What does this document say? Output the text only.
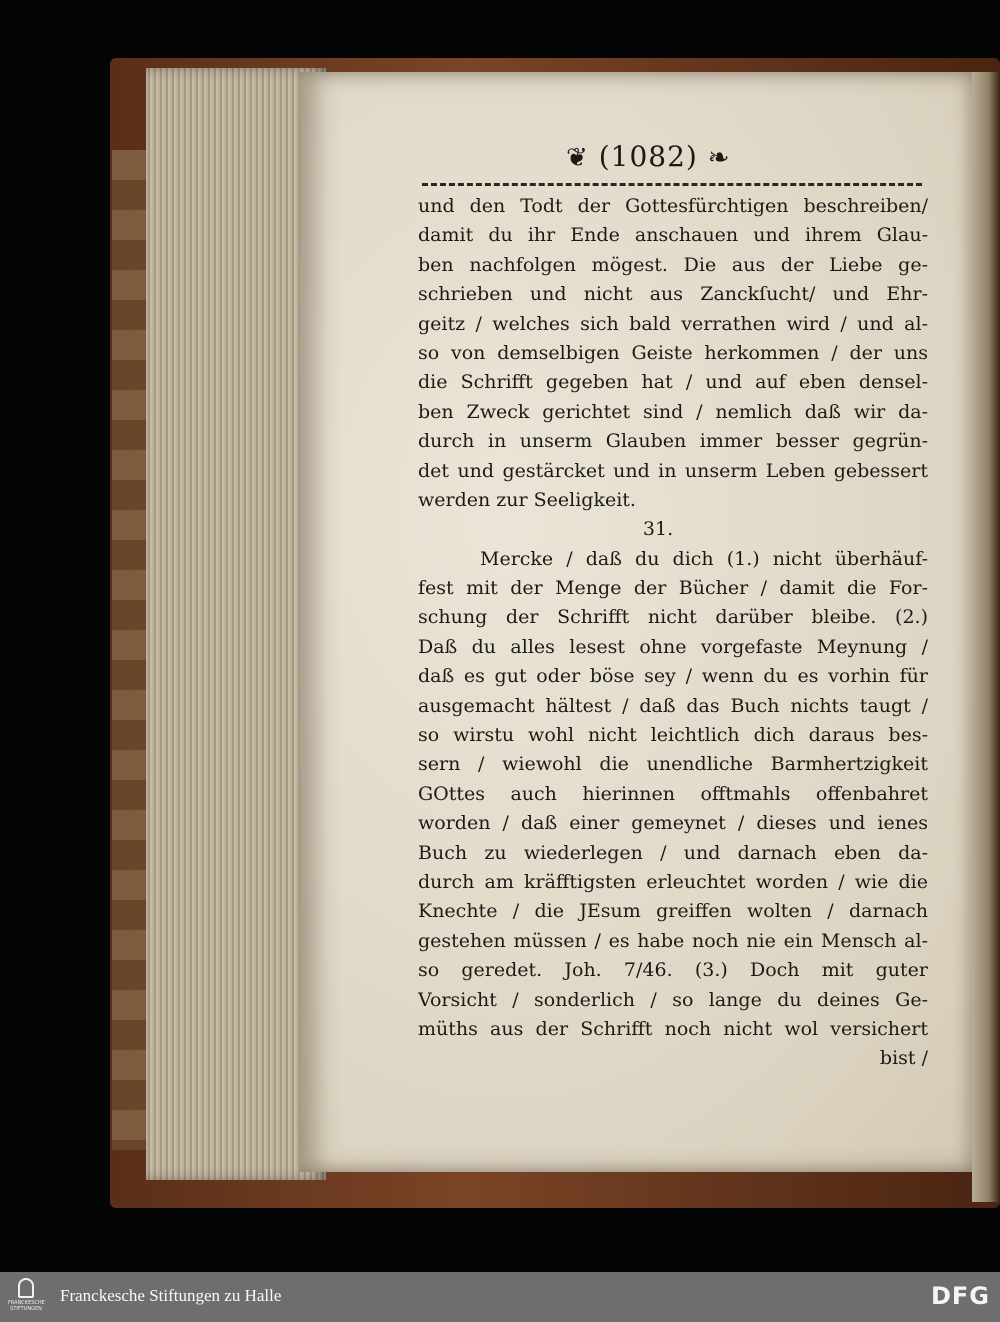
❦ (1082) ❧
und den Todt der Gottesfürchtigen beschreiben/
damit du ihr Ende anschauen und ihrem Glau-
ben nachfolgen mögest. Die aus der Liebe ge-
schrieben und nicht aus Zanckſucht/ und Ehr-
geitz / welches sich bald verrathen wird / und al-
so von demselbigen Geiste herkommen / der uns
die Schrifft gegeben hat / und auf eben densel-
ben Zweck gerichtet sind / nemlich daß wir da-
durch in unserm Glauben immer besser gegrün-
det und gestärcket und in unserm Leben gebessert
werden zur Seeligkeit.
31.
Mercke / daß du dich (1.) nicht überhäuf-
fest mit der Menge der Bücher / damit die For-
schung der Schrifft nicht darüber bleibe. (2.)
Daß du alles lesest ohne vorgefaste Meynung /
daß es gut oder böse sey / wenn du es vorhin für
ausgemacht hältest / daß das Buch nichts taugt /
so wirstu wohl nicht leichtlich dich daraus bes-
sern / wiewohl die unendliche Barmhertzigkeit
GOttes auch hierinnen offtmahls offenbahret
worden / daß einer gemeynet / dieses und ienes
Buch zu wiederlegen / und darnach eben da-
durch am kräfftigsten erleuchtet worden / wie die
Knechte / die JEsum greiffen wolten / darnach
gestehen müssen / es habe noch nie ein Mensch al-
so geredet. Joh. 7/46. (3.) Doch mit guter
Vorsicht / sonderlich / so lange du deines Ge-
müths aus der Schrifft noch nicht wol versichert
bist /
FRANCKESCHE STIFTUNGEN
Franckesche Stiftungen zu Halle	DFG
